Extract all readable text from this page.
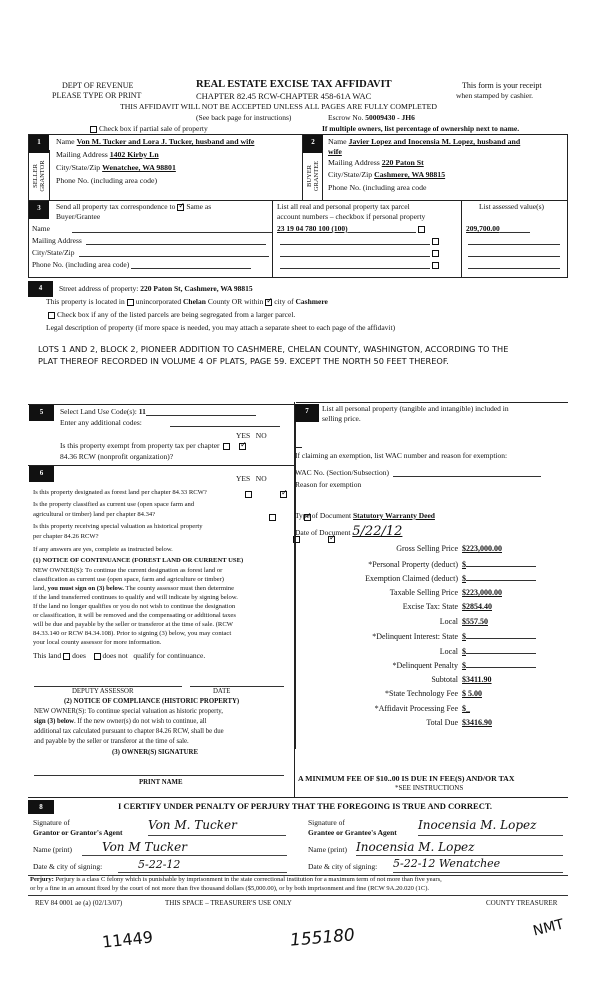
DEPT OF REVENUE
PLEASE TYPE OR PRINT
REAL ESTATE EXCISE TAX AFFIDAVIT
CHAPTER 82.45 RCW-CHAPTER 458-61A WAC
This form is your receipt
when stamped by cashier.
THIS AFFIDAVIT WILL NOT BE ACCEPTED UNLESS ALL PAGES ARE FULLY COMPLETED
(See back page for instructions)	Escrow No. 50009430 - JH6
Check box if partial sale of property	If multiple owners, list percentage of ownership next to name.
1
SELLER GRANTOR
Name Von M. Tucker and Lora J. Tucker, husband and wife
Mailing Address 1402 Kirby Ln
City/State/Zip Wenatchee, WA 98801
Phone No. (including area code)
2
BUYER GRANTEE
Name Javier Lopez and Inocensia M. Lopez, husband and
wife
Mailing Address 220 Paton St
City/State/Zip Cashmere, WA 98815
Phone No. (including area code
3	Send all property tax correspondence to ✓ Same as
Buyer/Grantee
Name
Mailing Address
City/State/Zip
Phone No. (including area code)
List all real and personal property tax parcel
account numbers – checkbox if personal property
23 19 04 780 100 (100)
List assessed value(s)
209,700.00
4	Street address of property: 220 Paton St, Cashmere, WA 98815
This property is located in unincorporated Chelan County OR within ✓ city of Cashmere
Check box if any of the listed parcels are being segregated from a larger parcel.
Legal description of property (if more space is needed, you may attach a separate sheet to each page of the affidavit)
LOTS 1 AND 2, BLOCK 2, PIONEER ADDITION TO CASHMERE, CHELAN COUNTY, WASHINGTON, ACCORDING TO THE
PLAT THEREOF RECORDED IN VOLUME 4 OF PLATS, PAGE 59. EXCEPT THE NORTH 50 FEET THEREOF.
5	Select Land Use Code(s): 11
Enter any additional codes:
YES NO
Is this property exempt from property tax per chapter   ✓
84.36 RCW (nonprofit organization)?
6
YES NO

Is this property designated as forest land per chapter 84.33 RCW?

✓

Is the property classified as current use (open space farm and

agricultural or timber) land per chapter 84.34?

✓

Is this property receiving special valuation as historical property

per chapter 84.26 RCW?

✓

If any answers are yes, complete as instructed below.

(1) NOTICE OF CONTINUANCE (FOREST LAND OR CURRENT USE)

NEW OWNER(S): To continue the current designation as forest land or

classification as current use (open space, farm and agriculture or timber)

land, you must sign on (3) below. The county assessor must then determine

if the land transferred continues to qualify and will indicate by signing below.

If the land no longer qualifies or you do not wish to continue the designation

or classification, it will be removed and the compensating or additional taxes

will be due and payable by the seller or transferor at the time of sale. (RCW

84.33.140 or RCW 84.34.108). Prior to signing (3) below, you may contact

your local county assessor for more information.

This land does does not qualify for continuance.
DEPUTY ASSESSOR	DATE

(2) NOTICE OF COMPLIANCE (HISTORIC PROPERTY)

NEW OWNER(S): To continue special valuation as historic property,

sign (3) below. If the new owner(s) do not wish to continue, all

additional tax calculated pursuant to chapter 84.26 RCW, shall be due

and payable by the seller or transferor at the time of sale.

(3) OWNER(S) SIGNATURE

PRINT NAME

7	List all personal property (tangible and intangible) included in
selling price.
If claiming an exemption, list WAC number and reason for exemption:
WAC No. (Section/Subsection)
Reason for exemption
Type of Document Statutory Warranty Deed
Date of Document 5/22/12
Gross Selling Price $223,000.00
*Personal Property (deduct) $
Exemption Claimed (deduct) $
Taxable Selling Price $223,000.00
Excise Tax: State $2854.40
Local $557.50
*Delinquent Interest: State $
Local $
*Delinquent Penalty $
Subtotal $3411.90
*State Technology Fee $ 5.00
*Affidavit Processing Fee $_
Total Due $3416.90
A MINIMUM FEE OF $10..00 IS DUE IN FEE(S) AND/OR TAX
*SEE INSTRUCTIONS
8	I CERTIFY UNDER PENALTY OF PERJURY THAT THE FOREGOING IS TRUE AND CORRECT.
Signature of
Grantor or Grantor's Agent
Von M. Tucker
Name (print)	Von M Tucker
Date & city of signing:	5-22-12
Signature of
Grantee or Grantee's Agent
Inocensia M. Lopez
Name (print) Inocensia M. Lopez
Date & city of signing: 5-22-12 Wenatchee
Perjury: Perjury is a class C felony which is punishable by imprisonment in the state correctional institution for a maximum term of not more than five years,
or by a fine in an amount fixed by the court of not more than five thousand dollars ($5,000.00), or by both imprisonment and fine (RCW 9A.20.020 (1C).
REV 84 0001 ae (a) (02/13/07)	THIS SPACE – TREASURER'S USE ONLY	COUNTY TREASURER
11449	155180	NMT
